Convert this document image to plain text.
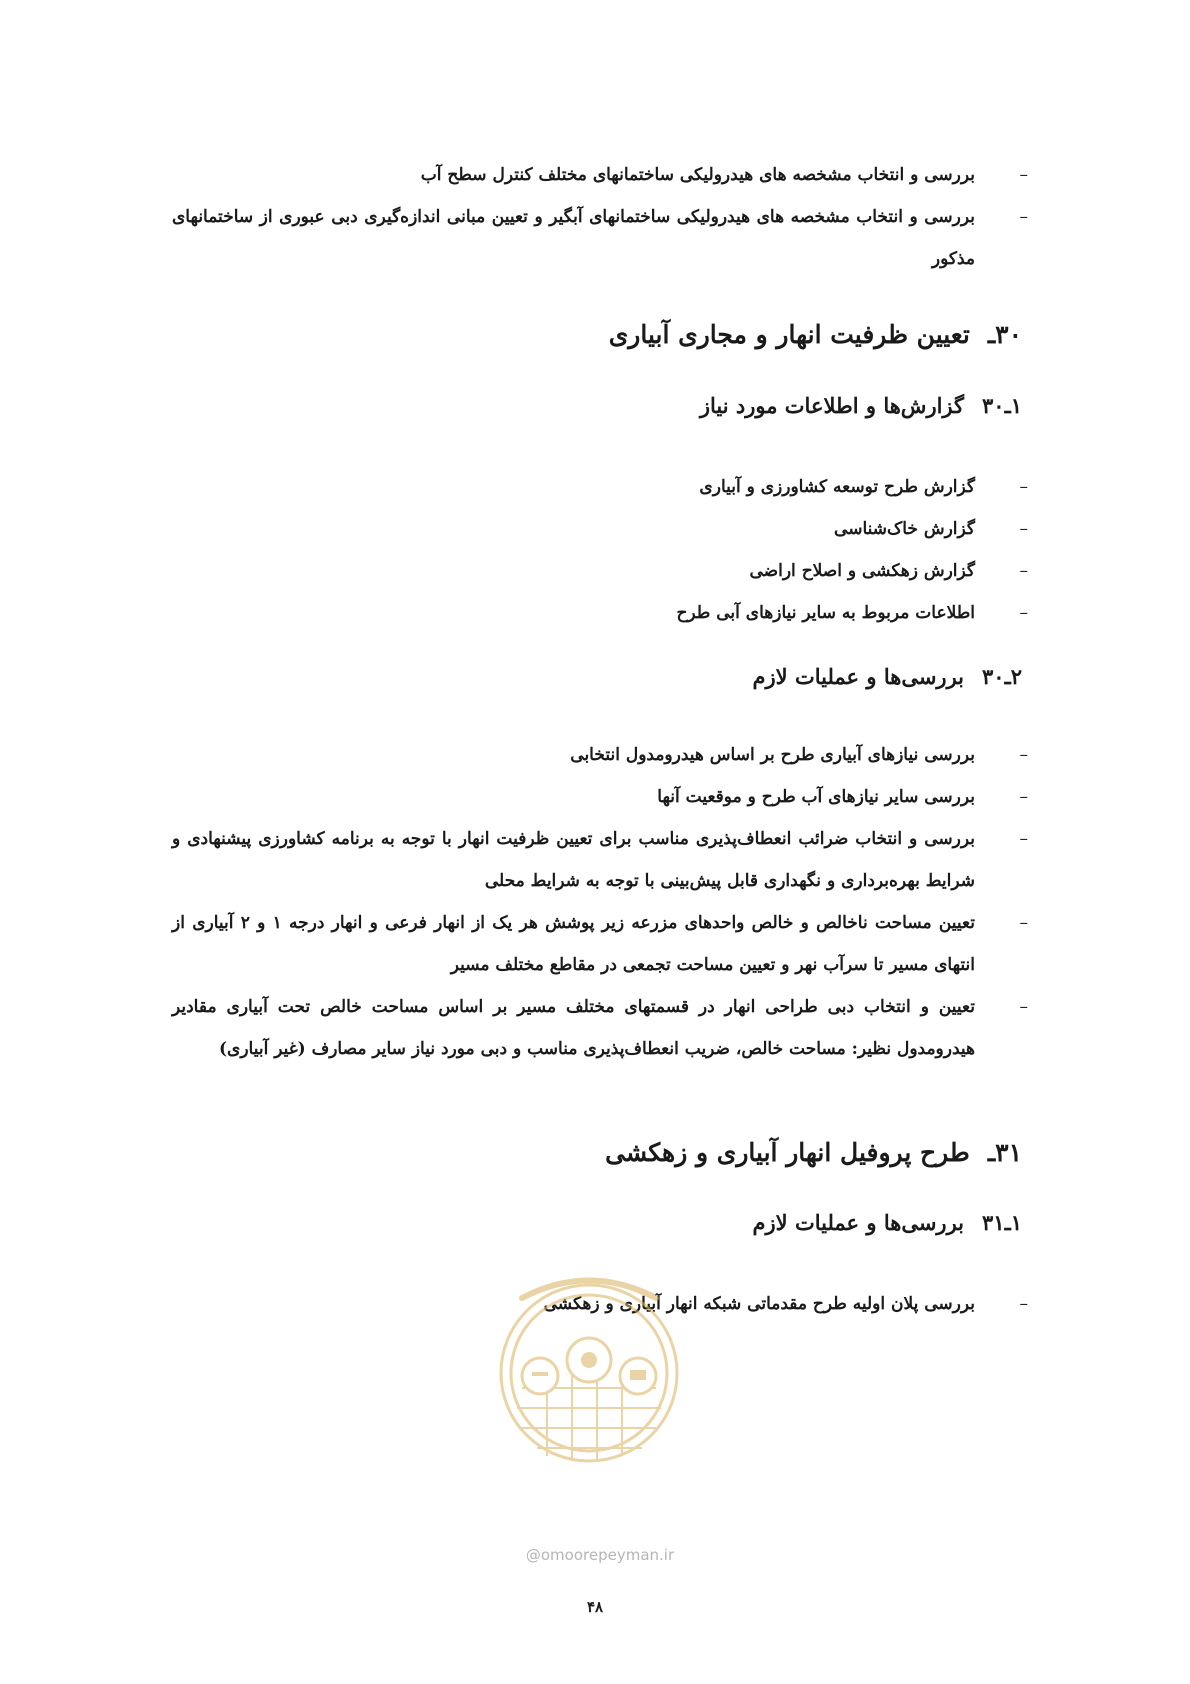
–
بررسی و انتخاب مشخصه های هیدرولیکی ساختمانهای مختلف کنترل سطح آب
–
بررسی و انتخاب مشخصه های هیدرولیکی ساختمانهای آبگیر و تعیین مبانی اندازه‌گیری دبی عبوری از ساختمانهای مذکور
۳۰ـتعیین ظرفیت انهار و مجاری آبیاری
۱ـ۳۰گزارش‌ها و اطلاعات مورد نیاز
–
گزارش طرح توسعه کشاورزی و آبیاری
–
گزارش خاک‌شناسی
–
گزارش زهکشی و اصلاح اراضی
–
اطلاعات مربوط به سایر نیازهای آبی طرح
۲ـ۳۰بررسی‌ها و عملیات لازم
–
بررسی نیازهای آبیاری طرح بر اساس هیدرومدول انتخابی
–
بررسی سایر نیازهای آب طرح و موقعیت آنها
–
بررسی و انتخاب ضرائب انعطاف‌پذیری مناسب برای تعیین ظرفیت انهار با توجه به برنامه کشاورزی پیشنهادی و شرایط بهره‌برداری و نگهداری قابل پیش‌بینی با توجه به شرایط محلی
–
تعیین مساحت ناخالص و خالص واحدهای مزرعه زیر پوشش هر یک از انهار فرعی و انهار درجه ۱ و ۲ آبیاری از انتهای مسیر تا سرآب نهر و تعیین مساحت تجمعی در مقاطع مختلف مسیر
–
تعیین و انتخاب دبی طراحی انهار در قسمتهای مختلف مسیر بر اساس مساحت خالص تحت آبیاری مقادیر هیدرومدول نظیر: مساحت خالص، ضریب انعطاف‌پذیری مناسب و دبی مورد نیاز سایر مصارف (غیر آبیاری)
۳۱ـطرح پروفیل انهار آبیاری و زهکشی
۱ـ۳۱بررسی‌ها و عملیات لازم
–
بررسی پلان اولیه طرح مقدماتی شبکه انهار آبیاری و زهکشی
@omoorepeyman.ir
۴۸
